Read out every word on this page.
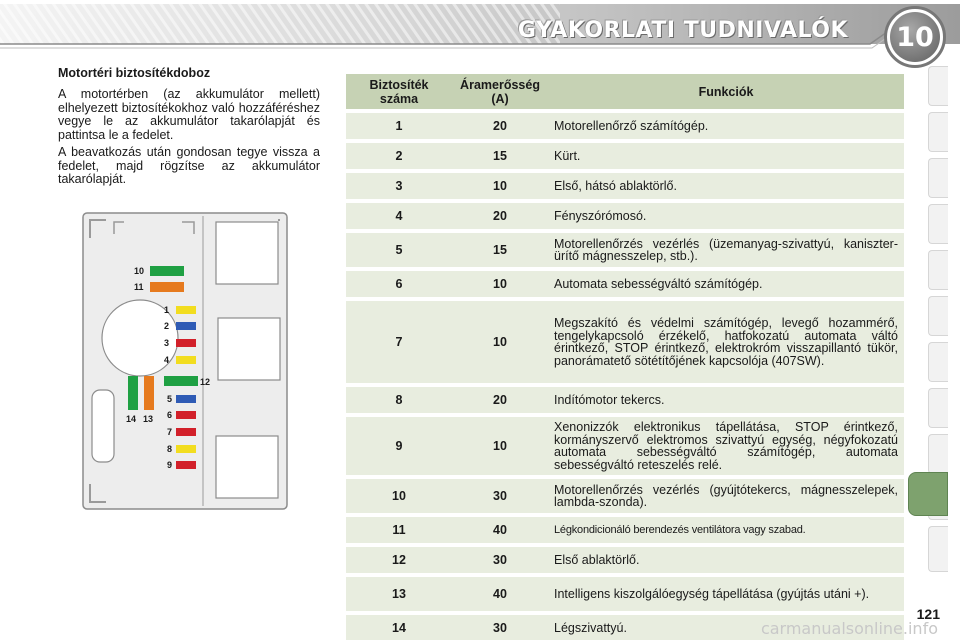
GYAKORLATI TUDNIVALÓK 10
Motortéri biztosítékdoboz

A motortérben (az akkumulátor mellett) elhelyezett biztosítékokhoz való hozzáféréshez vegye le az akkumulátor takarólapját és pattintsa le a fedelet.

A beavatkozás után gondosan tegye vissza a fedelet, majd rögzítse az akkumulátor takarólapját.

10
11
1
2
3
4
12
5
6
7
8
9
14 13
Biztosíték száma	Áramerősség (A)	Funkciók
1	20	Motorellenőrző számítógép.
2	15	Kürt.
3	10	Első, hátsó ablaktörlő.
4	20	Fényszórómosó.
5	15	Motorellenőrzés vezérlés (üzemanyag-szivattyú, kaniszter-ürítő mágnesszelep, stb.).
6	10	Automata sebességváltó számítógép.
7	10	Megszakító és védelmi számítógép, levegő hozammérő, tengelykapcsoló érzékelő, hatfokozatú automata váltó érintkező, STOP érintkező, elektrokróm visszapillantó tükör, panorámatető sötétítőjének kapcsolója (407SW).
8	20	Indítómotor tekercs.
9	10	Xenonizzók elektronikus tápellátása, STOP érintkező, kormányszervő elektromos szivattyú egység, négyfokozatú automata sebességváltó számítógép, automata sebességváltó reteszelés relé.
10	30	Motorellenőrzés vezérlés (gyújtótekercs, mágnesszelepek, lambda-szonda).
11	40	Légkondicionáló berendezés ventilátora vagy szabad.
12	30	Első ablaktörlő.
13	40	Intelligens kiszolgálóegység tápellátása (gyújtás utáni +).
14	30	Légszivattyú.
121
carmanualsonline.info
